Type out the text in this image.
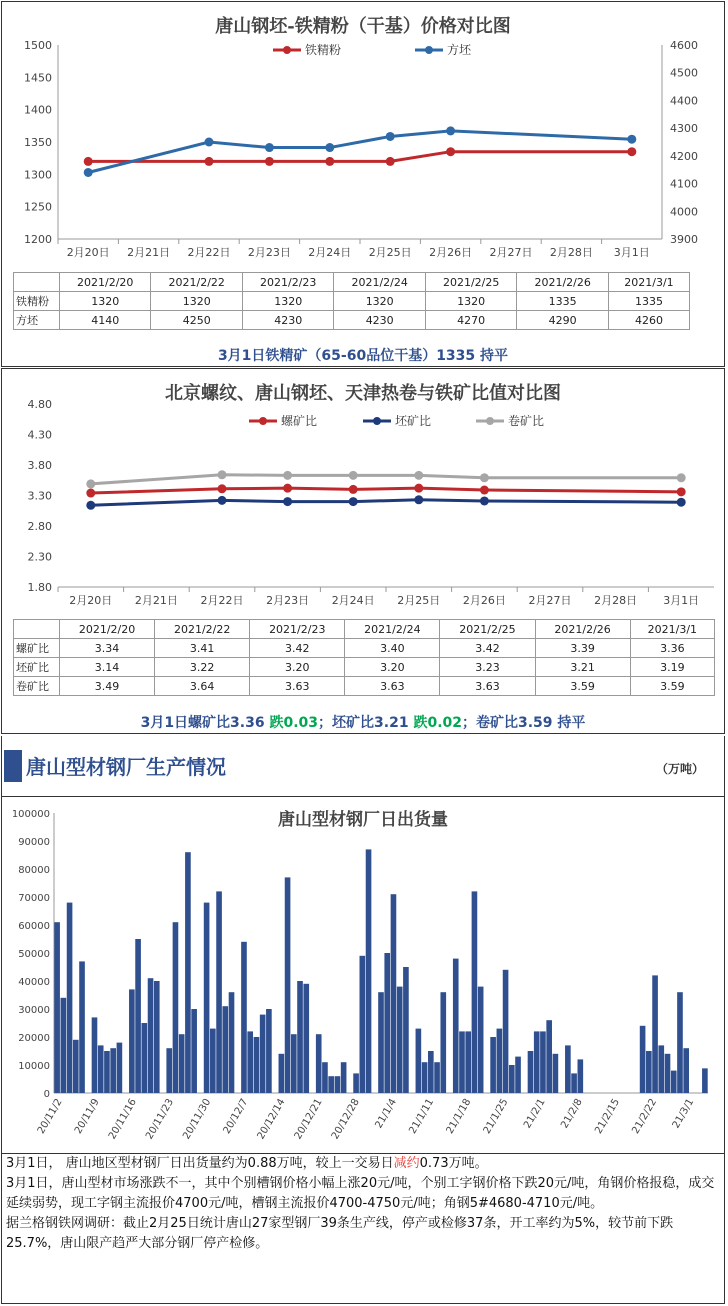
唐山钢坯-铁精粉（干基）价格对比图
铁精粉	方坯
1500
1450
1400
1350
1300
1250
1200
4600
4500
4400
4300
4200
4100
4000
3900
2月20日 2月21日 2月22日 2月23日 2月24日 2月25日 2月26日 2月27日 2月28日 3月1日
	2021/2/20	2021/2/22	2021/2/23	2021/2/24	2021/2/25	2021/2/26	2021/3/1
铁精粉	1320	1320	1320	1320	1320	1335	1335
方坯	4140	4250	4230	4230	4270	4290	4260
3月1日铁精矿（65-60品位干基）1335 持平
北京螺纹、唐山钢坯、天津热卷与铁矿比值对比图
螺矿比	坯矿比	卷矿比
4.80
4.30
3.80
3.30
2.80
2.30
1.80
2月20日 2月21日 2月22日 2月23日 2月24日 2月25日 2月26日 2月27日 2月28日 3月1日
	2021/2/20	2021/2/22	2021/2/23	2021/2/24	2021/2/25	2021/2/26	2021/3/1
螺矿比	3.34	3.41	3.42	3.40	3.42	3.39	3.36
坯矿比	3.14	3.22	3.20	3.20	3.23	3.21	3.19
卷矿比	3.49	3.64	3.63	3.63	3.63	3.59	3.59
3月1日螺矿比3.36 跌0.03；坯矿比3.21 跌0.02；卷矿比3.59 持平
唐山型材钢厂生产情况	（万吨）
唐山型材钢厂日出货量
100000
90000
80000
70000
60000
50000
40000
30000
20000
10000
0
20/11/2 20/11/9 20/11/16 20/11/23 20/11/30 20/12/7 20/12/14 20/12/21 20/12/28 21/1/4 21/1/11 21/1/18 21/1/25 21/2/1 21/2/8 21/2/15 21/2/22 21/3/1

3月1日， 唐山地区型材钢厂日出货量约为0.88万吨，较上一交易日减约0.73万吨。

3月1日，唐山型材市场涨跌不一，其中个别槽钢价格小幅上涨20元/吨，个别工字钢价格下跌20元/吨，角钢价格报稳，成交延续弱势，现工字钢主流报价4700元/吨，槽钢主流报价4700-4750元/吨；角钢5#4680-4710元/吨。

据兰格钢铁网调研：截止2月25日统计唐山27家型钢厂39条生产线，停产或检修37条，开工率约为5%，较节前下跌25.7%，唐山限产趋严大部分钢厂停产检修。
